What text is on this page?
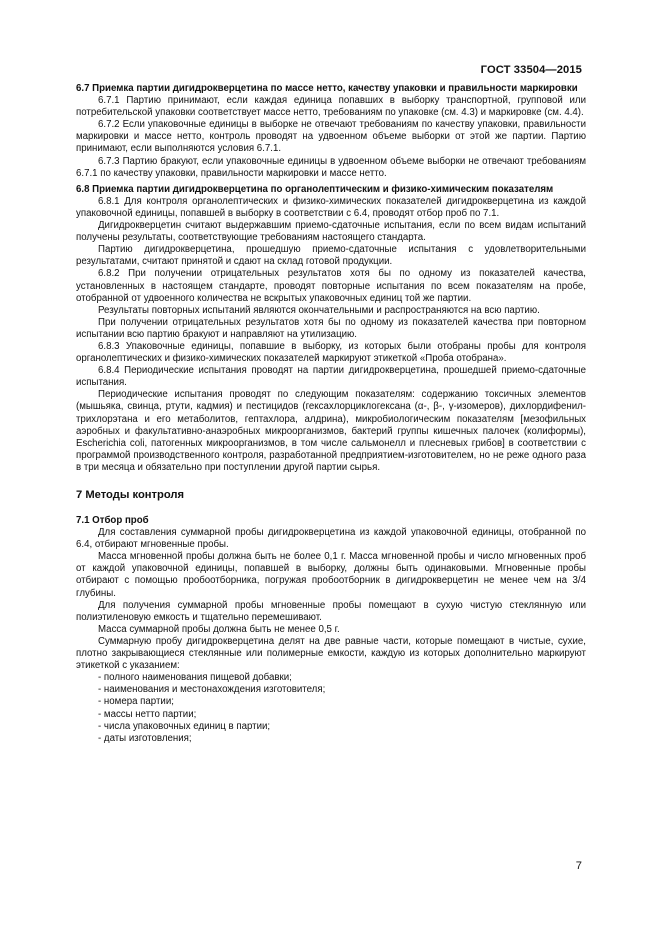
ГОСТ 33504—2015

6.7 Приемка партии дигидрокверцетина по массе нетто, качеству упаковки и правильности маркировки

6.7.1 Партию принимают, если каждая единица попавших в выборку транспортной, групповой или потребительской упаковки соответствует массе нетто, требованиям по упаковке (см. 4.3) и маркировке (см. 4.4).

6.7.2 Если упаковочные единицы в выборке не отвечают требованиям по качеству упаковки, правильности маркировки и массе нетто, контроль проводят на удвоенном объеме выборки от этой же партии. Партию принимают, если выполняются условия 6.7.1.

6.7.3 Партию бракуют, если упаковочные единицы в удвоенном объеме выборки не отвечают требованиям 6.7.1 по качеству упаковки, правильности маркировки и массе нетто.

6.8 Приемка партии дигидрокверцетина по органолептическим и физико-химическим показателям

6.8.1 Для контроля органолептических и физико-химических показателей дигидрокверцетина из каждой упаковочной единицы, попавшей в выборку в соответствии с 6.4, проводят отбор проб по 7.1.

Дигидрокверцетин считают выдержавшим приемо-сдаточные испытания, если по всем видам испытаний получены результаты, соответствующие требованиям настоящего стандарта.

Партию дигидрокверцетина, прошедшую приемо-сдаточные испытания с удовлетворительными результатами, считают принятой и сдают на склад готовой продукции.

6.8.2 При получении отрицательных результатов хотя бы по одному из показателей качества, установленных в настоящем стандарте, проводят повторные испытания по всем показателям на пробе, отобранной от удвоенного количества не вскрытых упаковочных единиц той же партии.

Результаты повторных испытаний являются окончательными и распространяются на всю партию.

При получении отрицательных результатов хотя бы по одному из показателей качества при повторном испытании всю партию бракуют и направляют на утилизацию.

6.8.3 Упаковочные единицы, попавшие в выборку, из которых были отобраны пробы для контроля органолептических и физико-химических показателей маркируют этикеткой «Проба отобрана».

6.8.4 Периодические испытания проводят на партии дигидрокверцетина, прошедшей приемо-сдаточные испытания.

Периодические испытания проводят по следующим показателям: содержанию токсичных элементов (мышьяка, свинца, ртути, кадмия) и пестицидов (гексахлорциклогексана (α-, β-, γ-изомеров), дихлордифенил-трихлорэтана и его метаболитов, гептахлора, алдрина), микробиологическим показателям [мезофильных аэробных и факультативно-анаэробных микроорганизмов, бактерий группы кишечных палочек (колиформы), Escherichia coli, патогенных микроорганизмов, в том числе сальмонелл и плесневых грибов] в соответствии с программой производственного контроля, разработанной предприятием-изготовителем, но не реже одного раза в три месяца и обязательно при поступлении другой партии сырья.

7 Методы контроля

7.1 Отбор проб

Для составления суммарной пробы дигидрокверцетина из каждой упаковочной единицы, отобранной по 6.4, отбирают мгновенные пробы.

Масса мгновенной пробы должна быть не более 0,1 г. Масса мгновенной пробы и число мгновенных проб от каждой упаковочной единицы, попавшей в выборку, должны быть одинаковыми. Мгновенные пробы отбирают с помощью пробоотборника, погружая пробоотборник в дигидрокверцетин не менее чем на 3/4 глубины.

Для получения суммарной пробы мгновенные пробы помещают в сухую чистую стеклянную или полиэтиленовую емкость и тщательно перемешивают.

Масса суммарной пробы должна быть не менее 0,5 г.

Суммарную пробу дигидрокверцетина делят на две равные части, которые помещают в чистые, сухие, плотно закрывающиеся стеклянные или полимерные емкости, каждую из которых дополнительно маркируют этикеткой с указанием:

- полного наименования пищевой добавки;

- наименования и местонахождения изготовителя;

- номера партии;

- массы нетто партии;

- числа упаковочных единиц в партии;

- даты изготовления;

7
